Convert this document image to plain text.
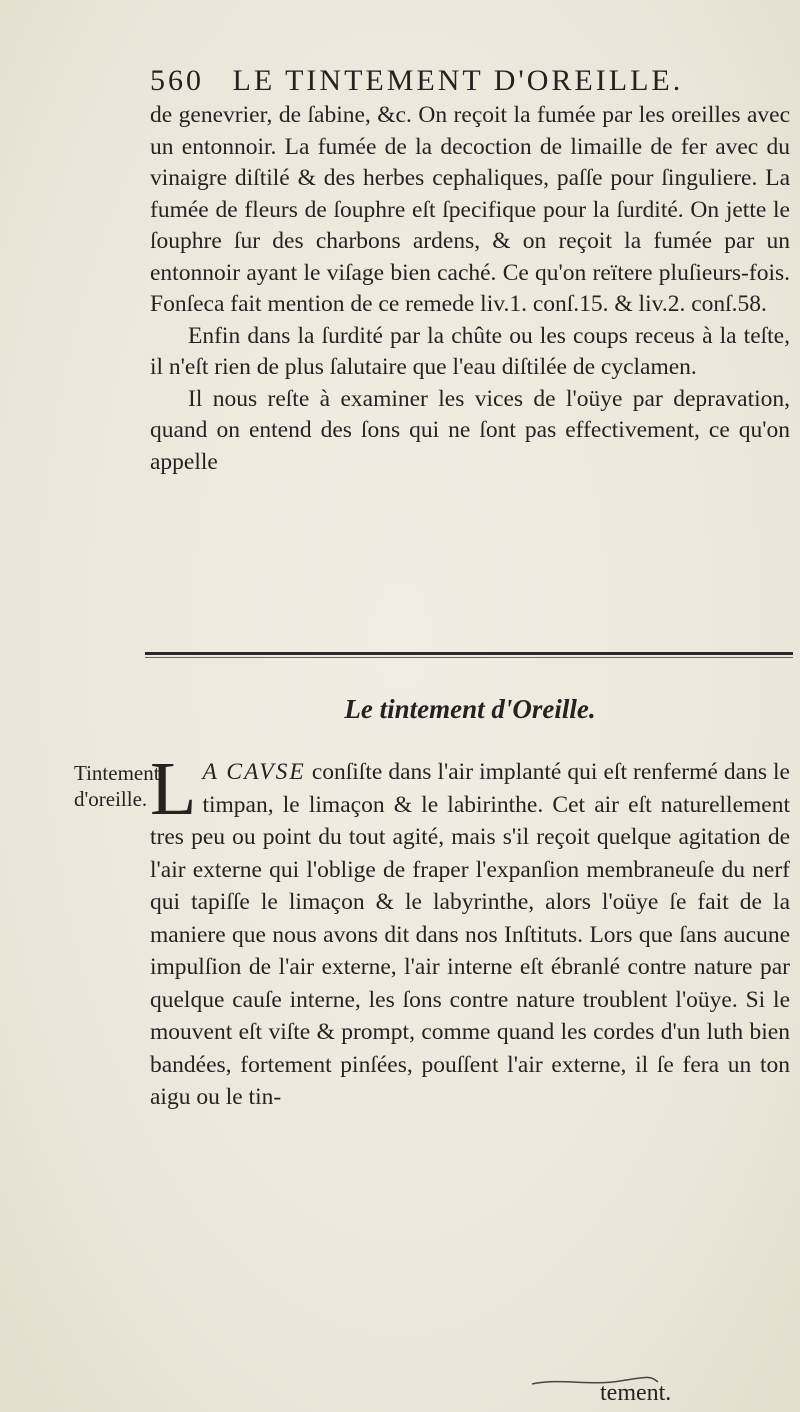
560 LE TINTEMENT D'OREILLE.

de genevrier, de ſabine, &c. On reçoit la fumée par les oreilles avec un entonnoir. La fumée de la decoction de limaille de fer avec du vinaigre diſtilé & des herbes cephaliques, paſſe pour ſinguliere. La fumée de fleurs de ſouphre eſt ſpecifique pour la ſurdité. On jette le ſouphre ſur des charbons ardens, & on reçoit la fumée par un entonnoir ayant le viſage bien caché. Ce qu'on reïtere pluſieurs-fois. Fonſeca fait mention de ce remede liv.1. conſ.15. & liv.2. conſ.58.

Enfin dans la ſurdité par la chûte ou les coups receus à la teſte, il n'eſt rien de plus ſalutaire que l'eau diſtilée de cyclamen.

Il nous reſte à examiner les vices de l'oüye par depravation, quand on entend des ſons qui ne ſont pas effectivement, ce qu'on appelle

Le tintement d'Oreille.
Tintement d'oreille. L A CAVSE conſiſte dans l'air implanté qui eſt renfermé dans le timpan, le limaçon & le labirinthe. Cet air eſt naturellement tres peu ou point du tout agité, mais s'il reçoit quelque agitation de l'air externe qui l'oblige de fraper l'expanſion membraneuſe du nerf qui tapiſſe le limaçon & le labyrinthe, alors l'oüye ſe fait de la maniere que nous avons dit dans nos Inſtituts. Lors que ſans aucune impulſion de l'air externe, l'air interne eſt ébranlé contre nature par quelque cauſe interne, les ſons contre nature troublent l'oüye. Si le mouvent eſt viſte & prompt, comme quand les cordes d'un luth bien bandées, fortement pinſées, pouſſent l'air externe, il ſe fera un ton aigu ou le tin-

tement.
